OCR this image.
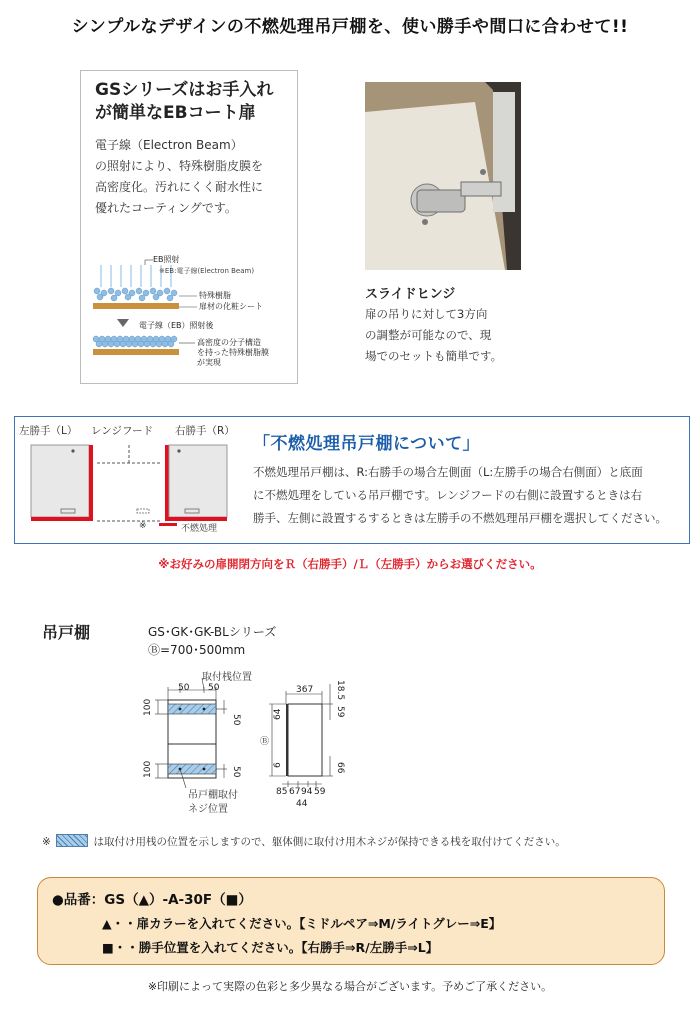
シンプルなデザインの不燃処理吊戸棚を、使い勝手や間口に合わせて!!
GSシリーズはお手入れ
が簡単なEBコート扉
電子線（Electron Beam）
の照射により、特殊樹脂皮膜を
高密度化。汚れにくく耐水性に
優れたコーティングです。
EB照射
※EB:電子線(Electron Beam)
特殊樹脂
扉材の化粧シート
電子線（EB）照射後
高密度の分子構造
を持った特殊樹脂膜
が実現
スライドヒンジ
扉の吊りに対して3方向
の調整が可能なので、現
場でのセットも簡単です。
左勝手（L） レンジフード 右勝手（R）
※	不燃処理
「不燃処理吊戸棚について」
不燃処理吊戸棚は、R:右勝手の場合左側面（L:左勝手の場合右側面）と底面
に不燃処理をしている吊戸棚です。レンジフードの右側に設置するときは右
勝手、左側に設置するするときは左勝手の不燃処理吊戸棚を選択してください。
※お好みの扉開閉方向をＲ（右勝手）/Ｌ（左勝手）からお選びください。
吊戸棚	GS･GK･GK-BLシリーズ
Ⓑ=700･500mm
50 50
100
50
100	50
367 18.5
59
64
Ⓑ
6	66
85 67 94 59
44
取付桟位置
吊戸棚取付
ネジ位置
※	は取付け用桟の位置を示しますので、躯体側に取付け用木ネジが保持できる桟を取付けてください。
●品番：GS（▲）-A-30F（■）
▲・・扉カラーを入れてください。【ミドルペア⇒M/ライトグレー⇒E】
■・・勝手位置を入れてください。【右勝手⇒R/左勝手⇒L】
※印刷によって実際の色彩と多少異なる場合がございます。予めご了承ください。
